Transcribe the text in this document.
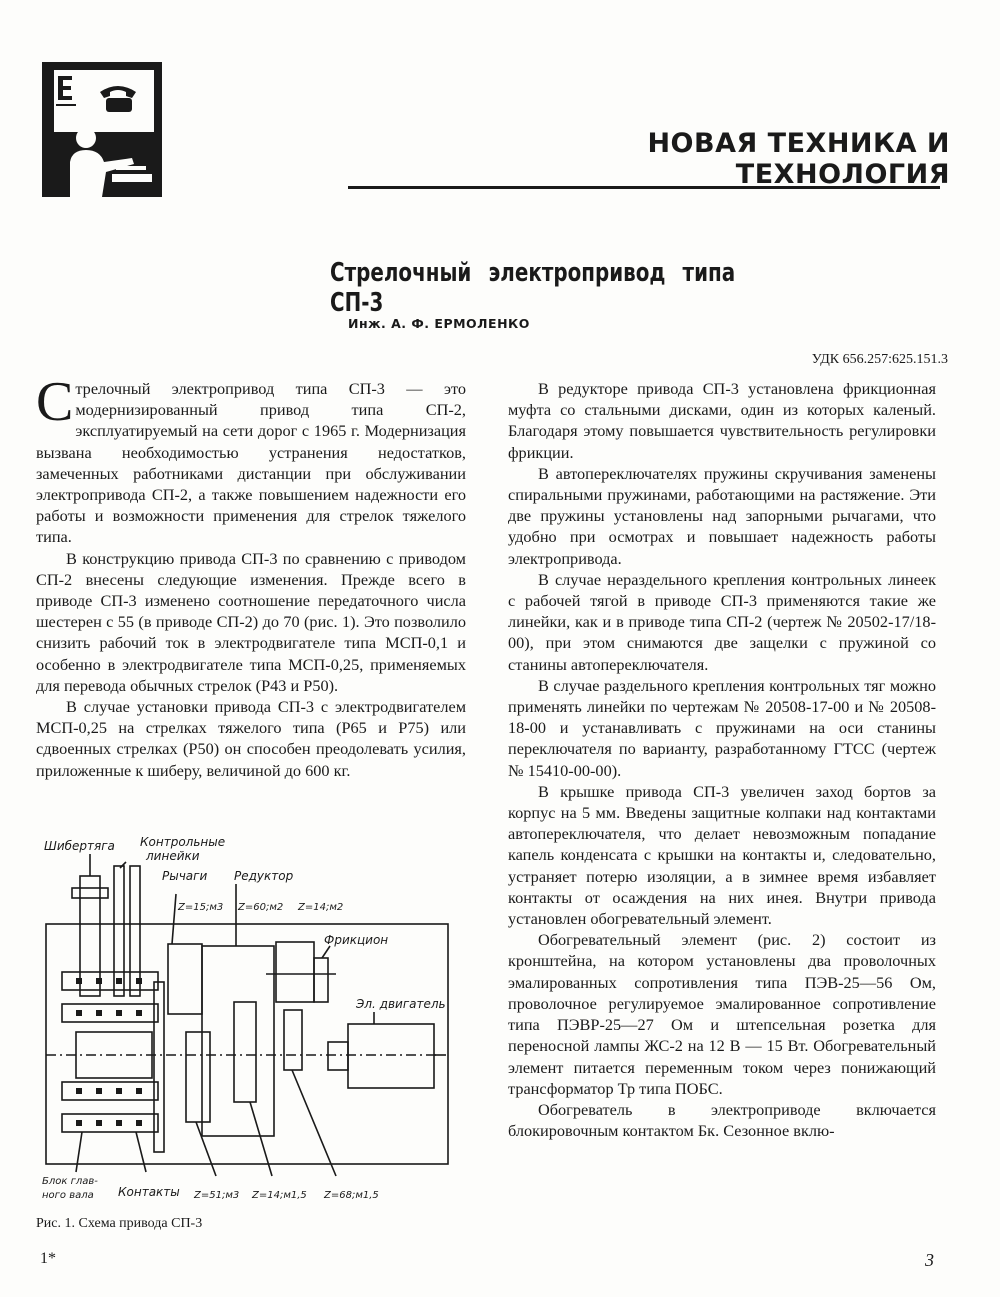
НОВАЯ ТЕХНИКА И ТЕХНОЛОГИЯ
Стрелочный электропривод типа СП-3
Инж. А. Ф. ЕРМОЛЕНКО
УДК 656.257:625.151.3

Стрелочный электропривод типа СП-3 — это модернизированный привод типа СП-2, эксплуатируемый на сети дорог с 1965 г. Модернизация вызвана необходимостью устранения недостатков, замеченных работниками дистанции при обслуживании электропривода СП-2, а также повышением надежности его работы и возможности применения для стрелок тяжелого типа.

В конструкцию привода СП-3 по сравнению с приводом СП-2 внесены следующие изменения. Прежде всего в приводе СП-3 изменено соотношение передаточного числа шестерен с 55 (в приводе СП-2) до 70 (рис. 1). Это позволило снизить рабочий ток в электродвигателе типа МСП-0,1 и особенно в электродвигателе типа МСП-0,25, применяемых для перевода обычных стрелок (Р43 и Р50).

В случае установки привода СП-3 с электродвигателем МСП-0,25 на стрелках тяжелого типа (Р65 и Р75) или сдвоенных стрелках (Р50) он способен преодолевать усилия, приложенные к шиберу, величиной до 600 кг.

Шибертяга Контрольные
линейки
Рычаги Редуктор
Z=15;м3 Z=60;м2 Z=14;м2
Фрикцион
Эл. двигатель
Блок глав-
ного вала Контакты Z=51;м3 Z=14;м1,5 Z=68;м1,5
Рис. 1. Схема привода СП-3

В редукторе привода СП-3 установлена фрикционная муфта со стальными дисками, один из которых каленый. Благодаря этому повышается чувствительность регулировки фрикции.

В автопереключателях пружины скручивания заменены спиральными пружинами, работающими на растяжение. Эти две пружины установлены над запорными рычагами, что удобно при осмотрах и повышает надежность работы электропривода.

В случае нераздельного крепления контрольных линеек с рабочей тягой в приводе СП-3 применяются такие же линейки, как и в приводе типа СП-2 (чертеж № 20502-17/18-00), при этом снимаются две защелки с пружиной со станины автопереключателя.

В случае раздельного крепления контрольных тяг можно применять линейки по чертежам № 20508-17-00 и № 20508-18-00 и устанавливать с пружинами на оси станины переключателя по варианту, разработанному ГТСС (чертеж № 15410-00-00).

В крышке привода СП-3 увеличен заход бортов за корпус на 5 мм. Введены защитные колпаки над контактами автопереключателя, что делает невозможным попадание капель конденсата с крышки на контакты и, следовательно, устраняет потерю изоляции, а в зимнее время избавляет контакты от осаждения на них инея. Внутри привода установлен обогревательный элемент.

Обогревательный элемент (рис. 2) состоит из кронштейна, на котором установлены два проволочных эмалированных сопротивления типа ПЭВ-25—56 Ом, проволочное регулируемое эмалированное сопротивление типа ПЭВР-25—27 Ом и штепсельная розетка для переносной лампы ЖС-2 на 12 В — 15 Вт. Обогревательный элемент питается переменным током через понижающий трансформатор Тр типа ПОБС.

Обогреватель в электроприводе включается блокировочным контактом Бк. Сезонное вклю-

1*	3
